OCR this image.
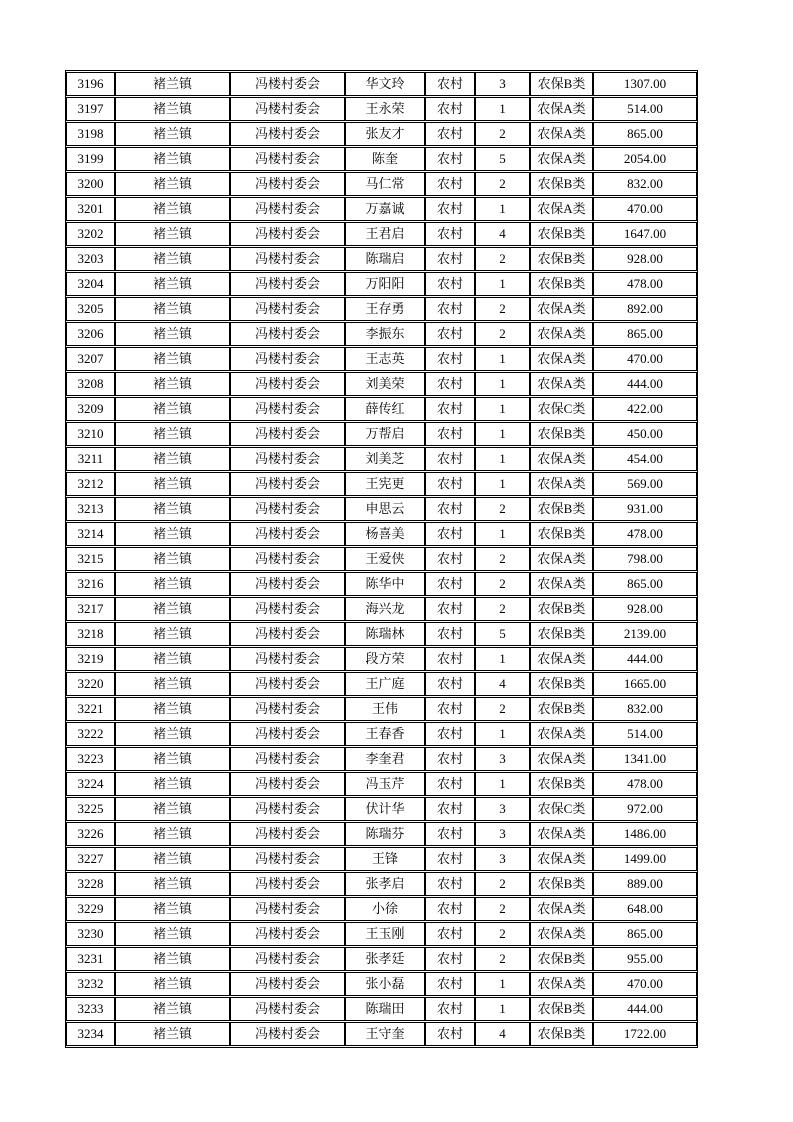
3196	褚兰镇	冯楼村委会	华文玲	农村	3	农保B类	1307.00
3197	褚兰镇	冯楼村委会	王永荣	农村	1	农保A类	514.00
3198	褚兰镇	冯楼村委会	张友才	农村	2	农保A类	865.00
3199	褚兰镇	冯楼村委会	陈奎	农村	5	农保A类	2054.00
3200	褚兰镇	冯楼村委会	马仁常	农村	2	农保B类	832.00
3201	褚兰镇	冯楼村委会	万嘉诚	农村	1	农保A类	470.00
3202	褚兰镇	冯楼村委会	王君启	农村	4	农保B类	1647.00
3203	褚兰镇	冯楼村委会	陈瑞启	农村	2	农保B类	928.00
3204	褚兰镇	冯楼村委会	万阳阳	农村	1	农保B类	478.00
3205	褚兰镇	冯楼村委会	王存勇	农村	2	农保A类	892.00
3206	褚兰镇	冯楼村委会	李振东	农村	2	农保A类	865.00
3207	褚兰镇	冯楼村委会	王志英	农村	1	农保A类	470.00
3208	褚兰镇	冯楼村委会	刘美荣	农村	1	农保A类	444.00
3209	褚兰镇	冯楼村委会	薛传红	农村	1	农保C类	422.00
3210	褚兰镇	冯楼村委会	万帮启	农村	1	农保B类	450.00
3211	褚兰镇	冯楼村委会	刘美芝	农村	1	农保A类	454.00
3212	褚兰镇	冯楼村委会	王宪更	农村	1	农保A类	569.00
3213	褚兰镇	冯楼村委会	申思云	农村	2	农保B类	931.00
3214	褚兰镇	冯楼村委会	杨喜美	农村	1	农保B类	478.00
3215	褚兰镇	冯楼村委会	王爱侠	农村	2	农保A类	798.00
3216	褚兰镇	冯楼村委会	陈华中	农村	2	农保A类	865.00
3217	褚兰镇	冯楼村委会	海兴龙	农村	2	农保B类	928.00
3218	褚兰镇	冯楼村委会	陈瑞林	农村	5	农保B类	2139.00
3219	褚兰镇	冯楼村委会	段方荣	农村	1	农保A类	444.00
3220	褚兰镇	冯楼村委会	王广庭	农村	4	农保B类	1665.00
3221	褚兰镇	冯楼村委会	王伟	农村	2	农保B类	832.00
3222	褚兰镇	冯楼村委会	王春香	农村	1	农保A类	514.00
3223	褚兰镇	冯楼村委会	李奎君	农村	3	农保A类	1341.00
3224	褚兰镇	冯楼村委会	冯玉芹	农村	1	农保B类	478.00
3225	褚兰镇	冯楼村委会	伏计华	农村	3	农保C类	972.00
3226	褚兰镇	冯楼村委会	陈瑞芬	农村	3	农保A类	1486.00
3227	褚兰镇	冯楼村委会	王锋	农村	3	农保A类	1499.00
3228	褚兰镇	冯楼村委会	张孝启	农村	2	农保B类	889.00
3229	褚兰镇	冯楼村委会	小徐	农村	2	农保A类	648.00
3230	褚兰镇	冯楼村委会	王玉刚	农村	2	农保A类	865.00
3231	褚兰镇	冯楼村委会	张孝廷	农村	2	农保B类	955.00
3232	褚兰镇	冯楼村委会	张小磊	农村	1	农保A类	470.00
3233	褚兰镇	冯楼村委会	陈瑞田	农村	1	农保B类	444.00
3234	褚兰镇	冯楼村委会	王守奎	农村	4	农保B类	1722.00
